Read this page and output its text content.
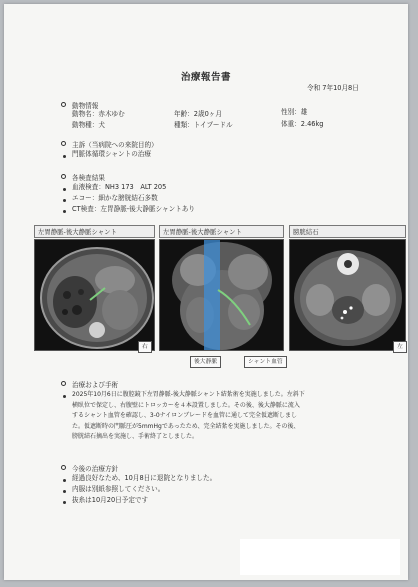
治療報告書
令和 7年10月8日
動物情報
動物名：赤木ゆむ	年齢：2歳0ヶ月	性別：雄
動物種：犬	種類：トイプードル	体重：2.46kg
主訴（当病院への来院目的）
門脈体循環シャントの治療
各検査結果
血液検査：NH3 173　ALT 205
エコー：細かな膀胱結石多数
CT検査：左胃静脈-後大静脈シャントあり
左胃静脈-後大静脈シャント
右
左胃静脈-後大静脈シャント
後大静脈	シャント血管
膀胱結石
左
治療および手術
2025年10月6日に腹腔鏡下左胃静脈-後大静脈シャント結紮術を実施しました。左斜下
横臥位で保定し、右腹壁にトロッカーを４本設置しました。その後、後大静脈に流入
するシャント血管を確認し、3-0ナイロンブレードを血管に通して完全仮遮断しまし
た。仮遮断時の門脈圧が5mmHgであったため、完全結紮を実施しました。その後、
膀胱結石摘出を実施し、手術終了としました。
今後の治療方針
経過良好なため、10月8日に退院となりました。
内服は別紙参照してください。
抜糸は10月20日予定です
